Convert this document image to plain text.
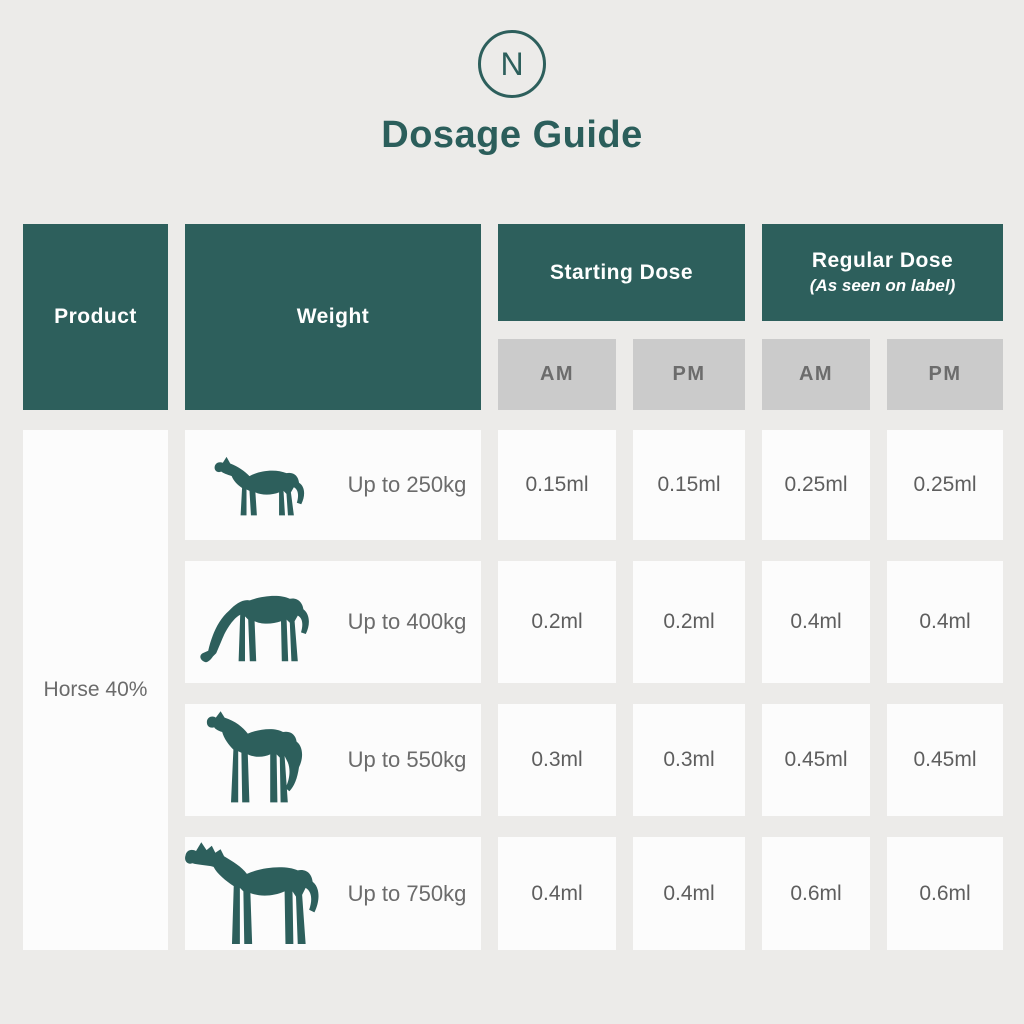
N
Dosage Guide
Product	Weight
Starting Dose	Regular Dose
(As seen on label)
AM	PM	AM	PM
Horse 40%
Up to 250kg	0.15ml	0.15ml	0.25ml	0.25ml
Up to 400kg	0.2ml	0.2ml	0.4ml	0.4ml
Up to 550kg	0.3ml	0.3ml	0.45ml	0.45ml
Up to 750kg	0.4ml	0.4ml	0.6ml	0.6ml
